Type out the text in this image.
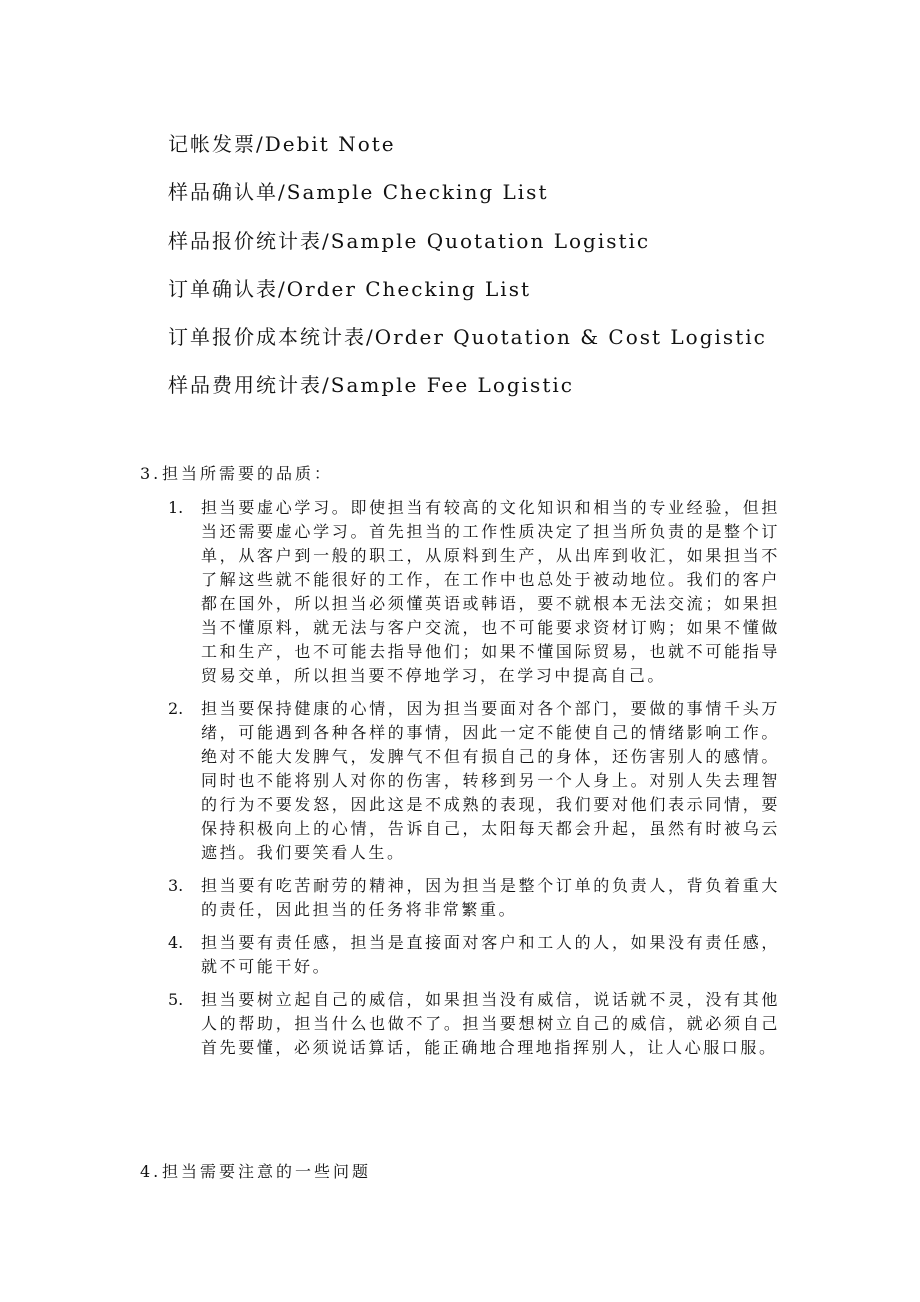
记帐发票/Debit Note
样品确认单/Sample Checking List
样品报价统计表/Sample Quotation Logistic
订单确认表/Order Checking List
订单报价成本统计表/Order Quotation & Cost Logistic
样品费用统计表/Sample Fee Logistic
3.担当所需要的品质：
1. 担当要虚心学习。即使担当有较高的文化知识和相当的专业经验，但担当还需要虚心学习。首先担当的工作性质决定了担当所负责的是整个订单，从客户到一般的职工，从原料到生产，从出库到收汇，如果担当不了解这些就不能很好的工作，在工作中也总处于被动地位。我们的客户都在国外，所以担当必须懂英语或韩语，要不就根本无法交流；如果担当不懂原料，就无法与客户交流，也不可能要求资材订购；如果不懂做工和生产，也不可能去指导他们；如果不懂国际贸易，也就不可能指导贸易交单，所以担当要不停地学习，在学习中提高自己。
2. 担当要保持健康的心情，因为担当要面对各个部门，要做的事情千头万绪，可能遇到各种各样的事情，因此一定不能使自己的情绪影响工作。绝对不能大发脾气，发脾气不但有损自己的身体，还伤害别人的感情。同时也不能将别人对你的伤害，转移到另一个人身上。对别人失去理智的行为不要发怒，因此这是不成熟的表现，我们要对他们表示同情，要保持积极向上的心情，告诉自己，太阳每天都会升起，虽然有时被乌云遮挡。我们要笑看人生。
3. 担当要有吃苦耐劳的精神，因为担当是整个订单的负责人，背负着重大的责任，因此担当的任务将非常繁重。
4. 担当要有责任感，担当是直接面对客户和工人的人，如果没有责任感，就不可能干好。
5. 担当要树立起自己的威信，如果担当没有威信，说话就不灵，没有其他人的帮助，担当什么也做不了。担当要想树立自己的威信，就必须自己首先要懂，必须说话算话，能正确地合理地指挥别人，让人心服口服。
4.担当需要注意的一些问题
